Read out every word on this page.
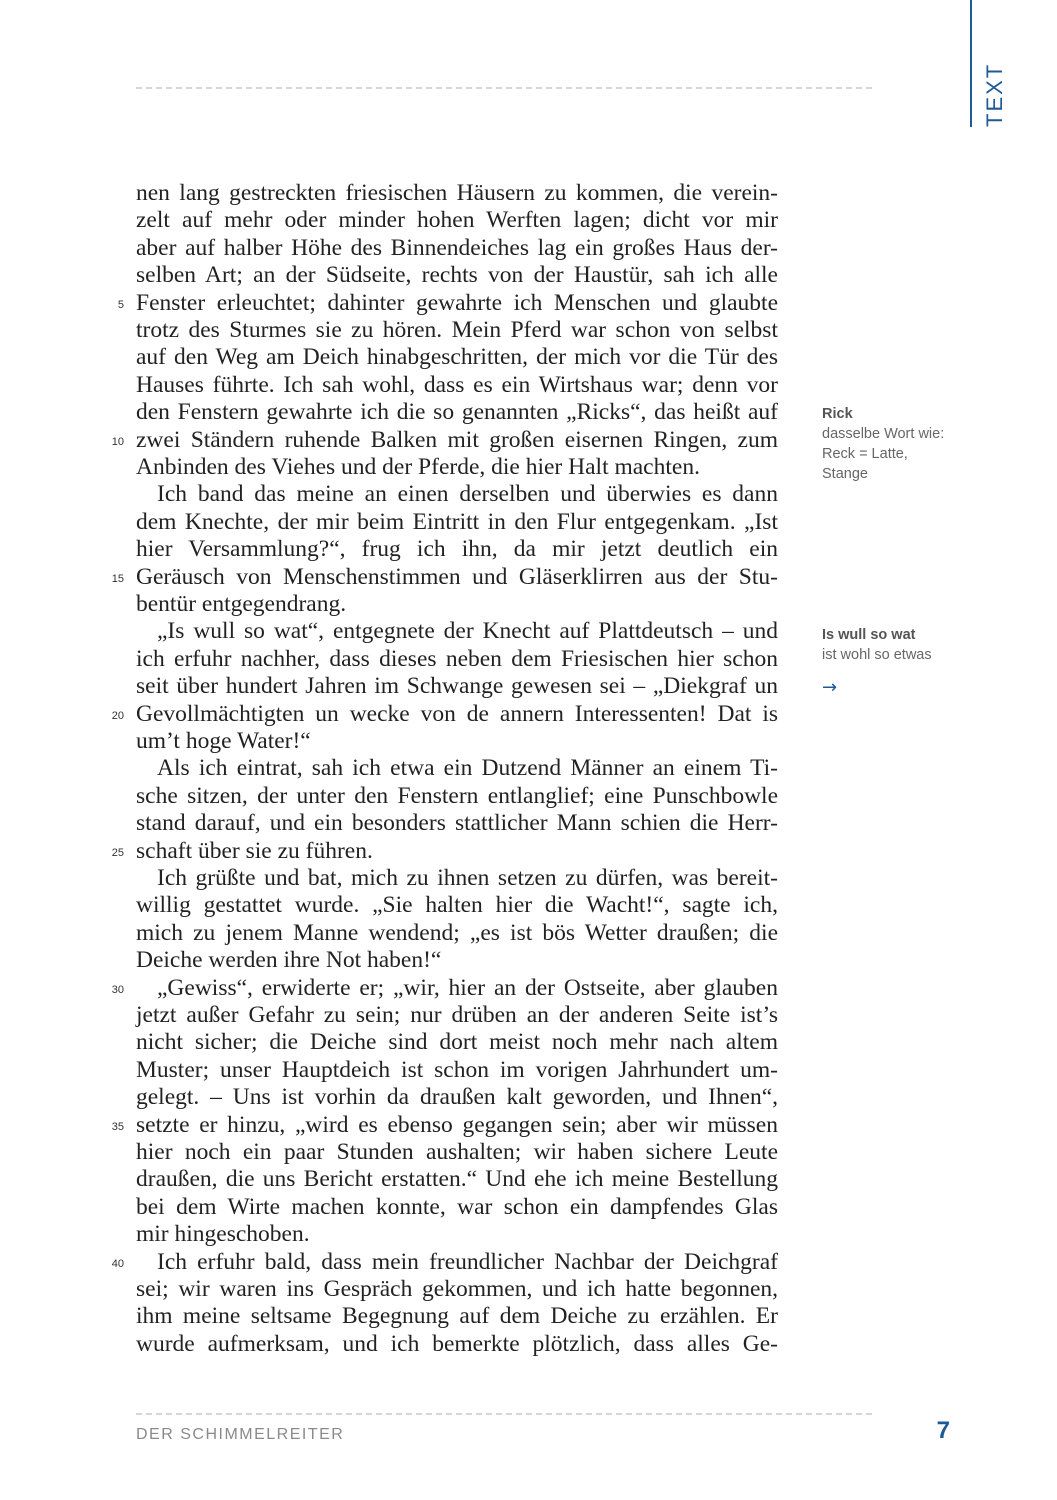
TEXT
nen lang gestreckten friesischen Häusern zu kommen, die verein-
zelt auf mehr oder minder hohen Werften lagen; dicht vor mir
aber auf halber Höhe des Binnendeiches lag ein großes Haus der-
selben Art; an der Südseite, rechts von der Haustür, sah ich alle
Fenster erleuchtet; dahinter gewahrte ich Menschen und glaubte
trotz des Sturmes sie zu hören. Mein Pferd war schon von selbst
auf den Weg am Deich hinabgeschritten, der mich vor die Tür des
Hauses führte. Ich sah wohl, dass es ein Wirtshaus war; denn vor
den Fenstern gewahrte ich die so genannten „Ricks“, das heißt auf
zwei Ständern ruhende Balken mit großen eisernen Ringen, zum
Anbinden des Viehes und der Pferde, die hier Halt machten.
Ich band das meine an einen derselben und überwies es dann
dem Knechte, der mir beim Eintritt in den Flur entgegenkam. „Ist
hier Versammlung?“, frug ich ihn, da mir jetzt deutlich ein
Geräusch von Menschenstimmen und Gläserklirren aus der Stu-
bentür entgegendrang.
„Is wull so wat“, entgegnete der Knecht auf Plattdeutsch – und
ich erfuhr nachher, dass dieses neben dem Friesischen hier schon
seit über hundert Jahren im Schwange gewesen sei – „Diekgraf un
Gevollmächtigten un wecke von de annern Interessenten! Dat is
um’t hoge Water!“
Als ich eintrat, sah ich etwa ein Dutzend Männer an einem Ti-
sche sitzen, der unter den Fenstern entlanglief; eine Punschbowle
stand darauf, und ein besonders stattlicher Mann schien die Herr-
schaft über sie zu führen.
Ich grüßte und bat, mich zu ihnen setzen zu dürfen, was bereit-
willig gestattet wurde. „Sie halten hier die Wacht!“, sagte ich,
mich zu jenem Manne wendend; „es ist bös Wetter draußen; die
Deiche werden ihre Not haben!“
„Gewiss“, erwiderte er; „wir, hier an der Ostseite, aber glauben
jetzt außer Gefahr zu sein; nur drüben an der anderen Seite ist’s
nicht sicher; die Deiche sind dort meist noch mehr nach altem
Muster; unser Hauptdeich ist schon im vorigen Jahrhundert um-
gelegt. – Uns ist vorhin da draußen kalt geworden, und Ihnen“,
setzte er hinzu, „wird es ebenso gegangen sein; aber wir müssen
hier noch ein paar Stunden aushalten; wir haben sichere Leute
draußen, die uns Bericht erstatten.“ Und ehe ich meine Bestellung
bei dem Wirte machen konnte, war schon ein dampfendes Glas
mir hingeschoben.
Ich erfuhr bald, dass mein freundlicher Nachbar der Deichgraf
sei; wir waren ins Gespräch gekommen, und ich hatte begonnen,
ihm meine seltsame Begegnung auf dem Deiche zu erzählen. Er
wurde aufmerksam, und ich bemerkte plötzlich, dass alles Ge-
5
10
15
20
25
30
35
40
Rick
dasselbe Wort wie:
Reck = Latte,
Stange
Is wull so wat
ist wohl so etwas
→
DER SCHIMMELREITER	7
